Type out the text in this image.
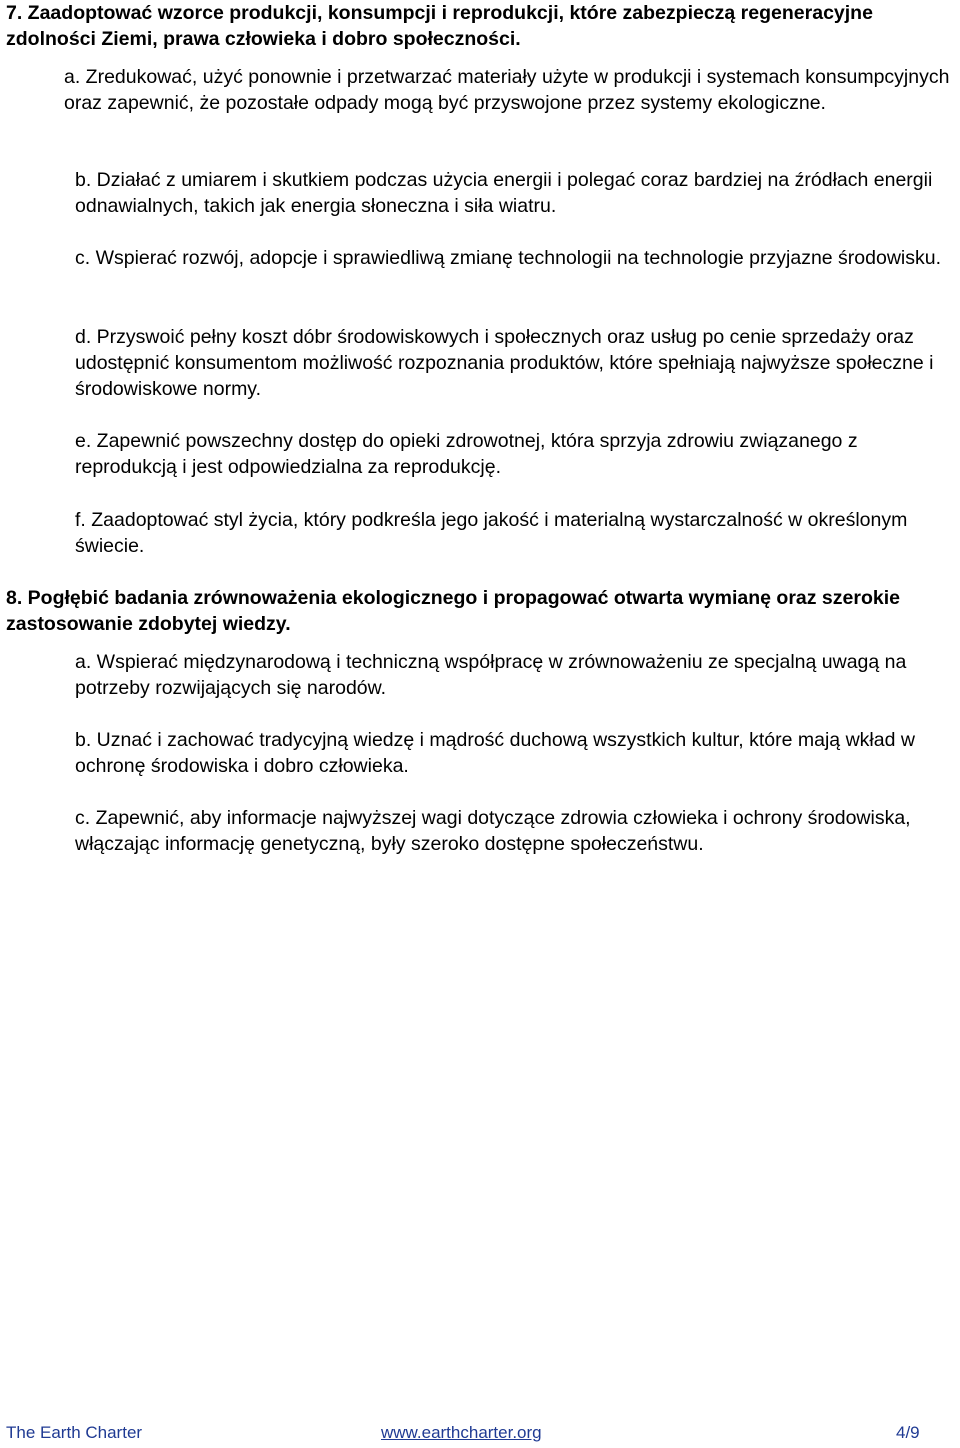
7. Zaadoptować wzorce produkcji, konsumpcji i reprodukcji, które zabezpieczą regeneracyjne zdolności Ziemi, prawa człowieka i dobro społeczności.

a. Zredukować, użyć ponownie i przetwarzać materiały użyte w produkcji i systemach konsumpcyjnych oraz zapewnić, że pozostałe odpady mogą być przyswojone przez systemy ekologiczne.

b. Działać z umiarem i skutkiem podczas użycia energii i polegać coraz bardziej na źródłach energii odnawialnych, takich jak energia słoneczna i siła wiatru.

c. Wspierać rozwój, adopcje i sprawiedliwą zmianę technologii na technologie przyjazne środowisku.

d. Przyswoić pełny koszt dóbr środowiskowych i społecznych oraz usług po cenie sprzedaży oraz udostępnić konsumentom możliwość rozpoznania produktów, które spełniają najwyższe społeczne i środowiskowe normy.

e. Zapewnić powszechny dostęp do opieki zdrowotnej, która sprzyja zdrowiu związanego z reprodukcją i jest odpowiedzialna za reprodukcję.

f. Zaadoptować styl życia, który podkreśla jego jakość i materialną wystarczalność w określonym świecie.

8. Pogłębić badania zrównoważenia ekologicznego i propagować otwarta wymianę oraz szerokie zastosowanie zdobytej wiedzy.

a. Wspierać międzynarodową i techniczną współpracę w zrównoważeniu ze specjalną uwagą na potrzeby rozwijających się narodów.

b. Uznać i zachować tradycyjną wiedzę i mądrość duchową wszystkich kultur, które mają wkład w ochronę środowiska i dobro człowieka.

c. Zapewnić, aby informacje najwyższej wagi dotyczące zdrowia człowieka i ochrony środowiska, włączając informację genetyczną, były szeroko dostępne społeczeństwu.

The Earth Charter	www.earthcharter.org	4/9
